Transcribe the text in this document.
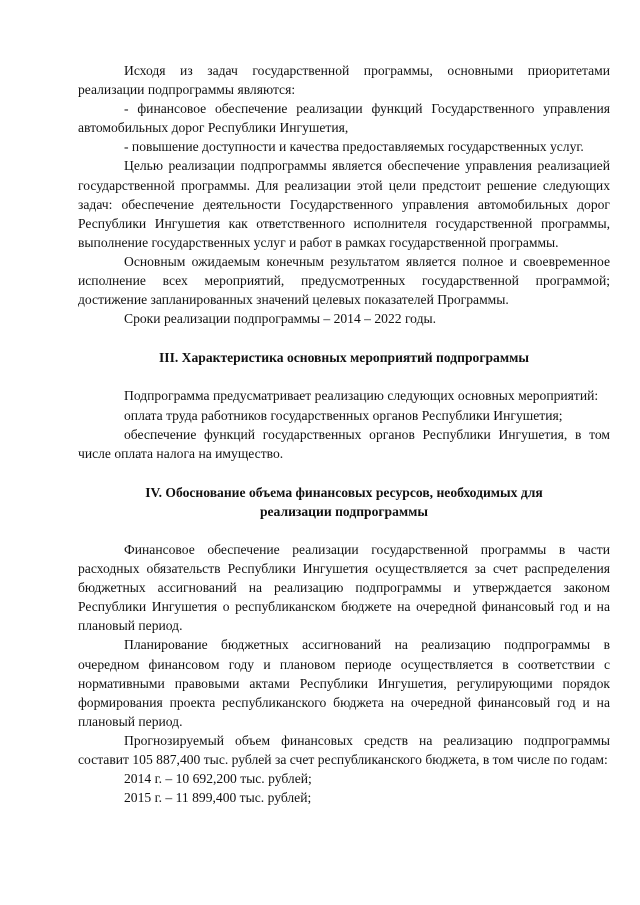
Исходя из задач государственной программы, основными приоритетами реализации подпрограммы являются:

- финансовое обеспечение реализации функций Государственного управления автомобильных дорог Республики Ингушетия,

- повышение доступности и качества предоставляемых государственных услуг.

Целью реализации подпрограммы является обеспечение управления реализацией государственной программы. Для реализации этой цели предстоит решение следующих задач: обеспечение деятельности Государственного управления автомобильных дорог Республики Ингушетия как ответственного исполнителя государственной программы, выполнение государственных услуг и работ в рамках государственной программы.

Основным ожидаемым конечным результатом является полное и своевременное исполнение всех мероприятий, предусмотренных государственной программой; достижение запланированных значений целевых показателей Программы.

Сроки реализации подпрограммы – 2014 – 2022 годы.

III. Характеристика основных мероприятий подпрограммы

Подпрограмма предусматривает реализацию следующих основных мероприятий:

оплата труда работников государственных органов Республики Ингушетия;

обеспечение функций государственных органов Республики Ингушетия, в том числе оплата налога на имущество.

IV. Обоснование объема финансовых ресурсов, необходимых для
реализации подпрограммы

Финансовое обеспечение реализации государственной программы в части расходных обязательств Республики Ингушетия осуществляется за счет распределения бюджетных ассигнований на реализацию подпрограммы и утверждается законом Республики Ингушетия о республиканском бюджете на очередной финансовый год и на плановый период.

Планирование бюджетных ассигнований на реализацию подпрограммы в очередном финансовом году и плановом периоде осуществляется в соответствии с нормативными правовыми актами Республики Ингушетия, регулирующими порядок формирования проекта республиканского бюджета на очередной финансовый год и на плановый период.

Прогнозируемый объем финансовых средств на реализацию подпрограммы составит 105 887,400 тыс. рублей за счет республиканского бюджета, в том числе по годам:

2014 г. – 10 692,200 тыс. рублей;

2015 г. – 11 899,400 тыс. рублей;
